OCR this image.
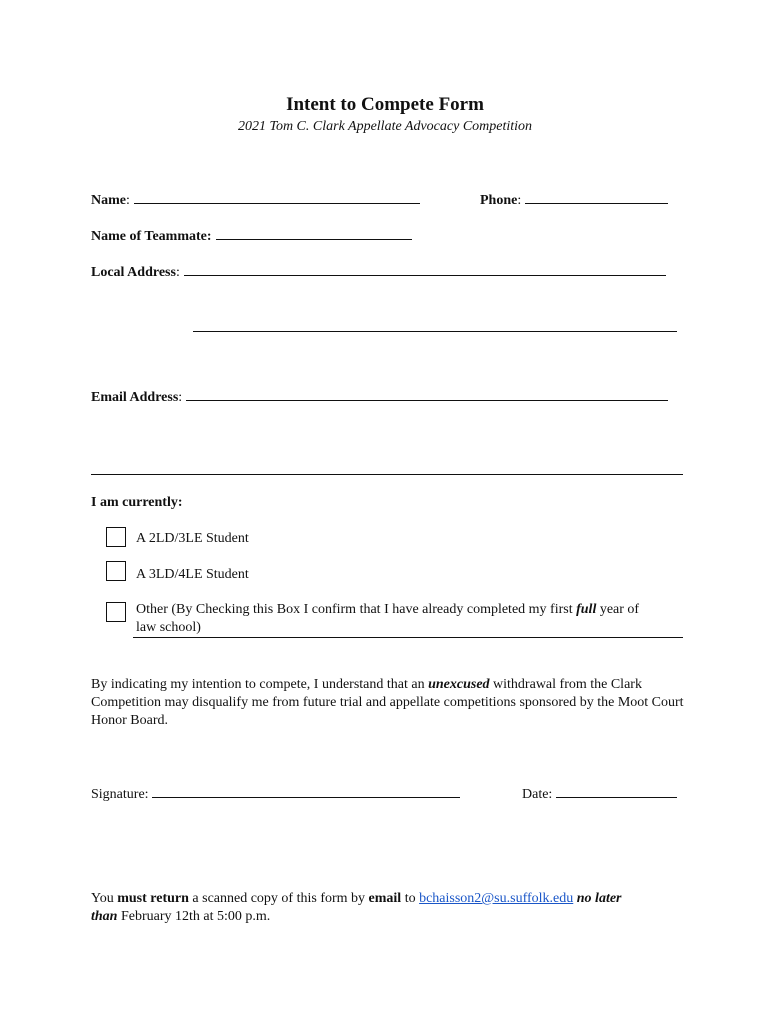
Intent to Compete Form
2021 Tom C. Clark Appellate Advocacy Competition
Name:	Phone:
Name of Teammate:
Local Address:
Email Address:
I am currently:
A 2LD/3LE Student
A 3LD/4LE Student
Other (By Checking this Box I confirm that I have already completed my first full year of
law school)
By indicating my intention to compete, I understand that an unexcused withdrawal from the Clark Competition may disqualify me from future trial and appellate competitions sponsored by the Moot Court Honor Board.
Signature:	Date:
You must return a scanned copy of this form by email to bchaisson2@su.suffolk.edu no later
than February 12th at 5:00 p.m.
